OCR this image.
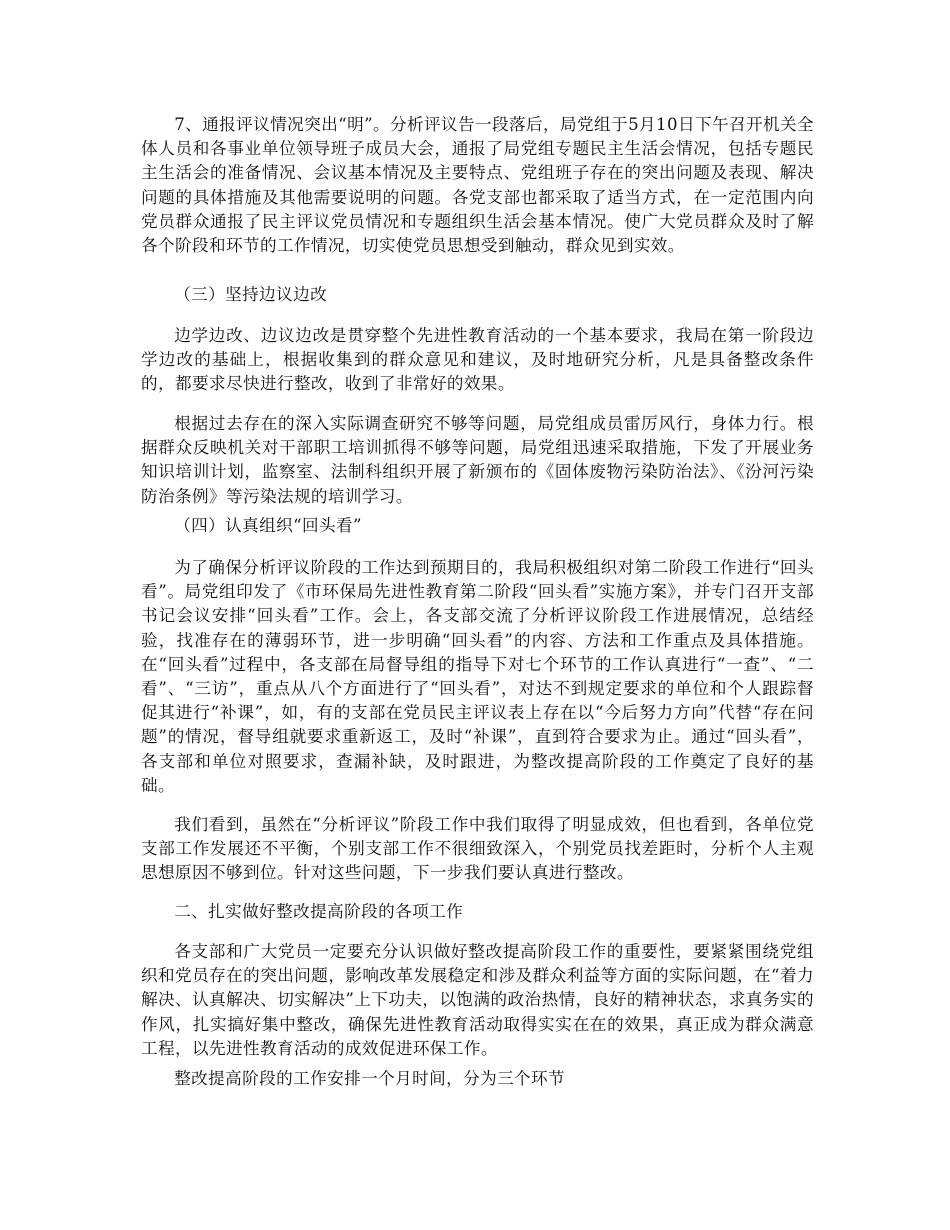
7、通报评议情况突出“明”。分析评议告一段落后，局党组于5月10日下午召开机关全体人员和各事业单位领导班子成员大会，通报了局党组专题民主生活会情况，包括专题民主生活会的准备情况、会议基本情况及主要特点、党组班子存在的突出问题及表现、解决问题的具体措施及其他需要说明的问题。各党支部也都采取了适当方式，在一定范围内向党员群众通报了民主评议党员情况和专题组织生活会基本情况。使广大党员群众及时了解各个阶段和环节的工作情况，切实使党员思想受到触动，群众见到实效。

（三）坚持边议边改

边学边改、边议边改是贯穿整个先进性教育活动的一个基本要求，我局在第一阶段边学边改的基础上，根据收集到的群众意见和建议，及时地研究分析，凡是具备整改条件的，都要求尽快进行整改，收到了非常好的效果。

根据过去存在的深入实际调查研究不够等问题，局党组成员雷厉风行，身体力行。根据群众反映机关对干部职工培训抓得不够等问题，局党组迅速采取措施，下发了开展业务知识培训计划，监察室、法制科组织开展了新颁布的《固体废物污染防治法》、《汾河污染防治条例》等污染法规的培训学习。

（四）认真组织“回头看”

为了确保分析评议阶段的工作达到预期目的，我局积极组织对第二阶段工作进行“回头看”。局党组印发了《市环保局先进性教育第二阶段“回头看”实施方案》，并专门召开支部书记会议安排“回头看”工作。会上，各支部交流了分析评议阶段工作进展情况，总结经验，找准存在的薄弱环节，进一步明确“回头看”的内容、方法和工作重点及具体措施。在“回头看”过程中，各支部在局督导组的指导下对七个环节的工作认真进行“一查”、“二看”、“三访”，重点从八个方面进行了“回头看”，对达不到规定要求的单位和个人跟踪督促其进行“补课”，如，有的支部在党员民主评议表上存在以“今后努力方向”代替“存在问题”的情况，督导组就要求重新返工，及时“补课”，直到符合要求为止。通过“回头看”，各支部和单位对照要求，查漏补缺，及时跟进，为整改提高阶段的工作奠定了良好的基础。

我们看到，虽然在“分析评议”阶段工作中我们取得了明显成效，但也看到，各单位党支部工作发展还不平衡，个别支部工作不很细致深入，个别党员找差距时，分析个人主观思想原因不够到位。针对这些问题，下一步我们要认真进行整改。

二、扎实做好整改提高阶段的各项工作

各支部和广大党员一定要充分认识做好整改提高阶段工作的重要性，要紧紧围绕党组织和党员存在的突出问题，影响改革发展稳定和涉及群众利益等方面的实际问题，在“着力解决、认真解决、切实解决”上下功夫，以饱满的政治热情，良好的精神状态，求真务实的作风，扎实搞好集中整改，确保先进性教育活动取得实实在在的效果，真正成为群众满意工程，以先进性教育活动的成效促进环保工作。

整改提高阶段的工作安排一个月时间，分为三个环节
